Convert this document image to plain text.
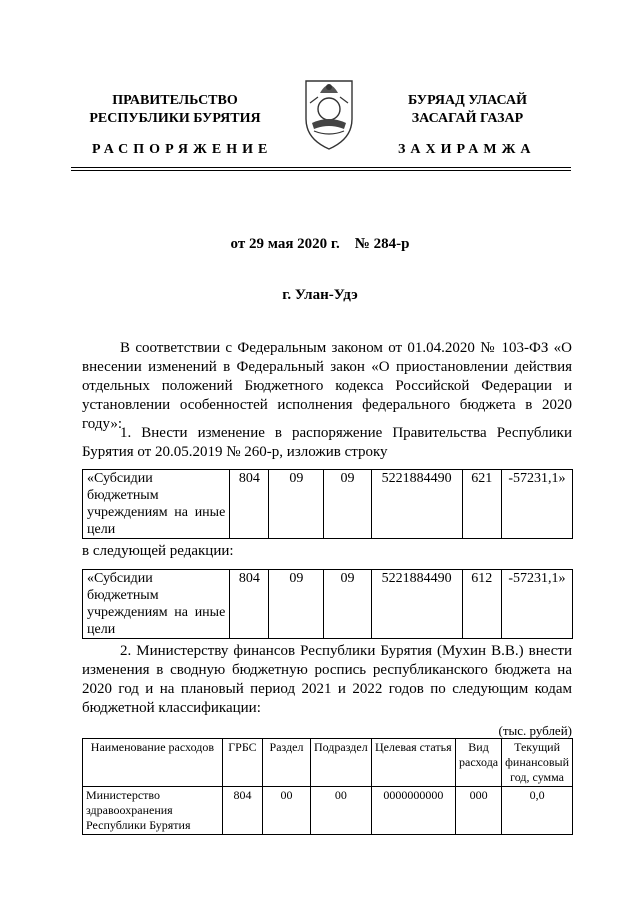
ПРАВИТЕЛЬСТВО
РЕСПУБЛИКИ БУРЯТИЯ
БУРЯАД УЛАСАЙ
ЗАСАГАЙ ГАЗАР
РАСПОРЯЖЕНИЕ	ЗАХИРАМЖА
от 29 мая 2020 г.    № 284-р
г. Улан-Удэ
В соответствии с Федеральным законом от 01.04.2020 № 103-ФЗ «О внесении изменений в Федеральный закон «О приостановлении действия отдельных положений Бюджетного кодекса Российской Федерации и установлении особенностей исполнения федерального бюджета в 2020 году»:
1. Внести изменение в распоряжение Правительства Республики Бурятия от 20.05.2019 № 260-р, изложив строку
«Субсидии бюджетным учреждениям на иные цели	804	09	09	5221884490	621	-57231,1»
в следующей редакции:
«Субсидии бюджетным учреждениям на иные цели	804	09	09	5221884490	612	-57231,1»
2. Министерству финансов Республики Бурятия (Мухин В.В.) внести изменения в сводную бюджетную роспись республиканского бюджета на 2020 год и на плановый период 2021 и 2022 годов по следующим кодам бюджетной классификации:
(тыс. рублей)
Наименование расходов	ГРБС	Раздел	Подраздел	Целевая статья	Вид расхода	Текущий финансовый год, сумма
Министерство здравоохранения Республики Бурятия	804	00	00	0000000000	000	0,0
